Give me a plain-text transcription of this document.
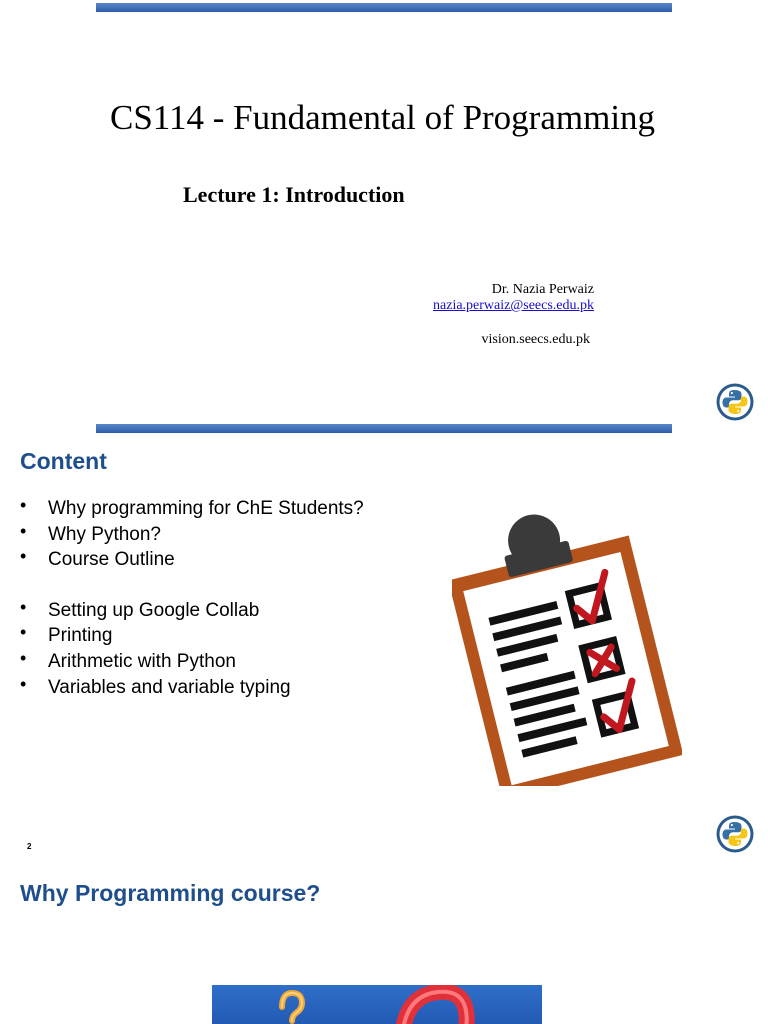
CS114 - Fundamental of Programming
Lecture 1: Introduction
Dr. Nazia Perwaiz
nazia.perwaiz@seecs.edu.pk
vision.seecs.edu.pk
Content
• Why programming for ChE Students?
• Why Python?
• Course Outline
• Setting up Google Collab
• Printing
• Arithmetic with Python
• Variables and variable typing
2
Why Programming course?
